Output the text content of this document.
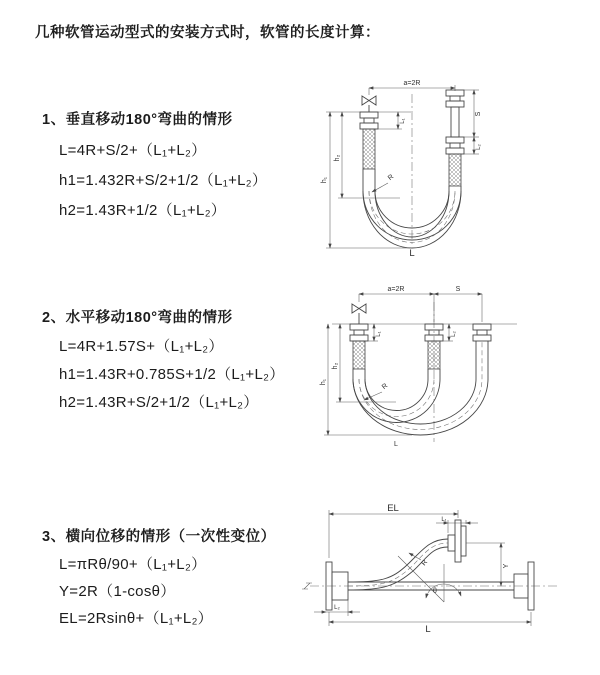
几种软管运动型式的安装方式时，软管的长度计算：
1、垂直移动180°弯曲的情形
L=4R+S/2+（L₁+L₂）
h1=1.432R+S/2+1/2（L₁+L₂）
h2=1.43R+1/2（L₁+L₂）
a=2R
h₁
h₂
L₁
S
L₂
R
L
2、水平移动180°弯曲的情形
L=4R+1.57S+（L₁+L₂）
h1=1.43R+0.785S+1/2（L₁+L₂）
h2=1.43R+S/2+1/2（L₁+L₂）
a=2R	S
h₁
h₂
L₁	L₂
R
L
3、横向位移的情形（一次性变位）
L=πRθ/90+（L₁+L₂）
Y=2R（1-cosθ）
EL=2Rsinθ+（L₁+L₂）
θ
R
EL
L₁
Y
L₂
L
